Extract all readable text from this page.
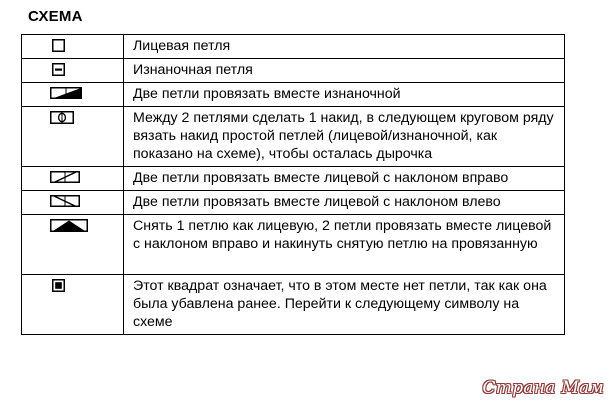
СХЕМА
	Лицевая петля

	Изнаночная петля

	Две петли провязать вместе изнаночной

	Между 2 петлями сделать 1 накид, в следующем круговом ряду вязать накид простой петлей (лицевой/изнаночной, как показано на схеме), чтобы осталась дырочка

	Две петли провязать вместе лицевой с наклоном вправо

	Две петли провязать вместе лицевой с наклоном влево

	Снять 1 петлю как лицевую, 2 петли провязать вместе лицевой с наклоном вправо и накинуть снятую петлю на провязанную

	Этот квадрат означает, что в этом месте нет петли, так как она была убавлена ранее. Перейти к следующему символу на схеме
Страна Мам
